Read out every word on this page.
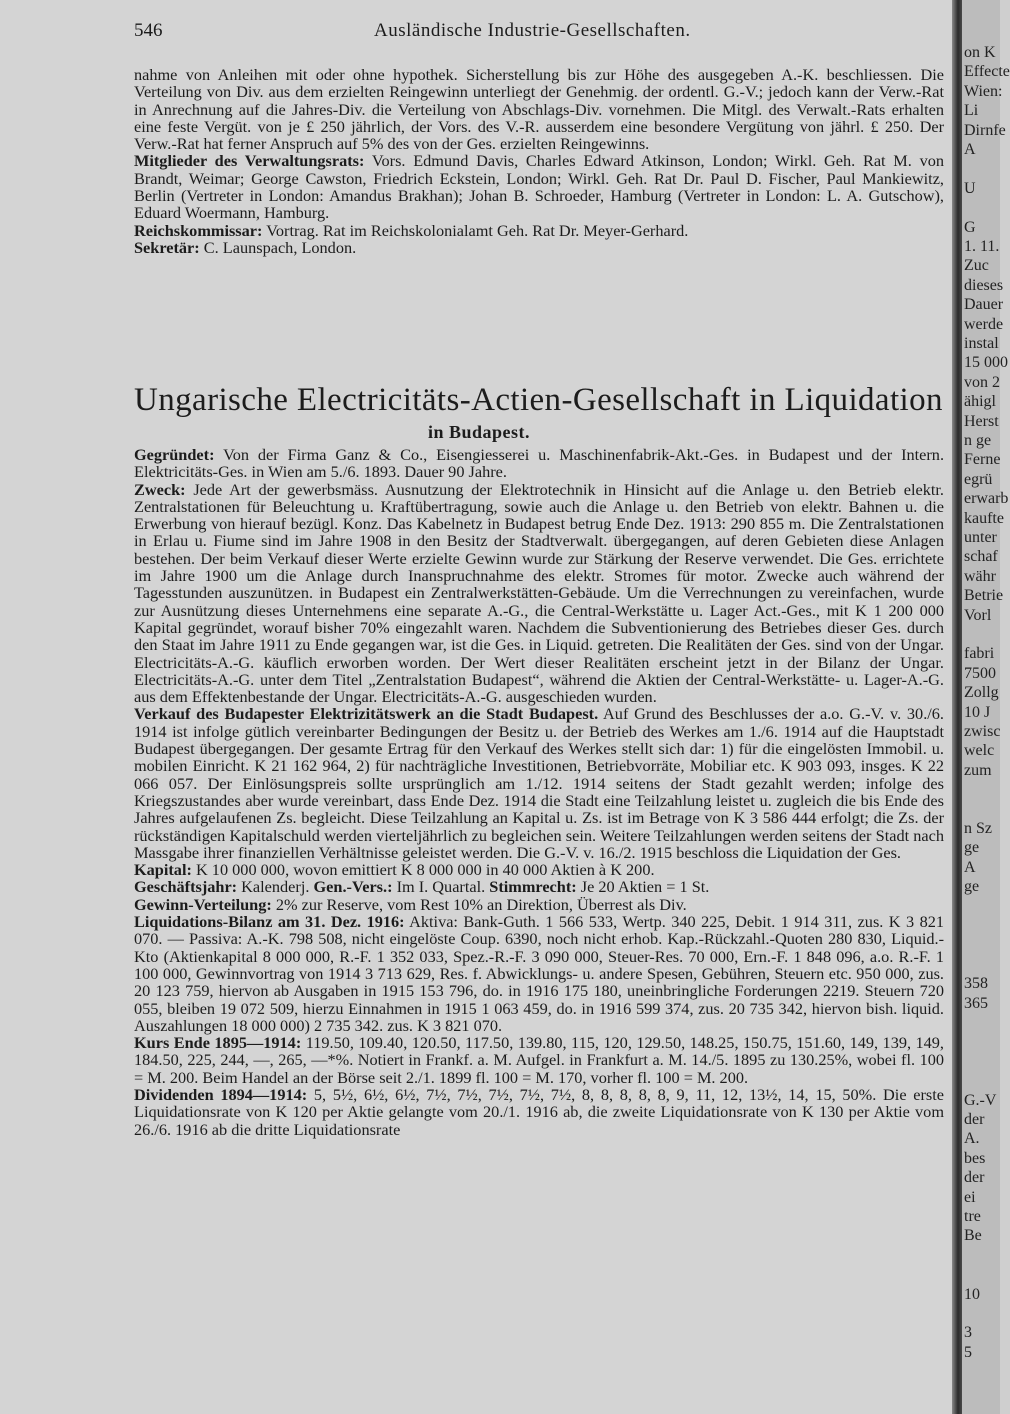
546	Ausländische Industrie-Gesellschaften.

nahme von Anleihen mit oder ohne hypothek. Sicherstellung bis zur Höhe des ausgegeben A.-K. beschliessen. Die Verteilung von Div. aus dem erzielten Reingewinn unterliegt der Genehmig. der ordentl. G.-V.; jedoch kann der Verw.-Rat in Anrechnung auf die Jahres-Div. die Verteilung von Abschlags-Div. vornehmen. Die Mitgl. des Verwalt.-Rats erhalten eine feste Vergüt. von je £ 250 jährlich, der Vors. des V.-R. ausserdem eine besondere Vergütung von jährl. £ 250. Der Verw.-Rat hat ferner Anspruch auf 5% des von der Ges. erzielten Reingewinns.

Mitglieder des Verwaltungsrats: Vors. Edmund Davis, Charles Edward Atkinson, London; Wirkl. Geh. Rat M. von Brandt, Weimar; George Cawston, Friedrich Eckstein, London; Wirkl. Geh. Rat Dr. Paul D. Fischer, Paul Mankiewitz, Berlin (Vertreter in London: Amandus Brakhan); Johan B. Schroeder, Hamburg (Vertreter in London: L. A. Gutschow), Eduard Woermann, Hamburg.

Reichskommissar: Vortrag. Rat im Reichskolonialamt Geh. Rat Dr. Meyer-Gerhard.

Sekretär: C. Launspach, London.

Ungarische Electricitäts-Actien-Gesellschaft in Liquidation
in Budapest.

Gegründet: Von der Firma Ganz & Co., Eisengiesserei u. Maschinenfabrik-Akt.-Ges. in Budapest und der Intern. Elektricitäts-Ges. in Wien am 5./6. 1893. Dauer 90 Jahre.

Zweck: Jede Art der gewerbsmäss. Ausnutzung der Elektrotechnik in Hinsicht auf die Anlage u. den Betrieb elektr. Zentralstationen für Beleuchtung u. Kraftübertragung, sowie auch die Anlage u. den Betrieb von elektr. Bahnen u. die Erwerbung von hierauf bezügl. Konz. Das Kabelnetz in Budapest betrug Ende Dez. 1913: 290 855 m. Die Zentralstationen in Erlau u. Fiume sind im Jahre 1908 in den Besitz der Stadtverwalt. übergegangen, auf deren Gebieten diese Anlagen bestehen. Der beim Verkauf dieser Werte erzielte Gewinn wurde zur Stärkung der Reserve verwendet. Die Ges. errichtete im Jahre 1900 um die Anlage durch Inanspruchnahme des elektr. Stromes für motor. Zwecke auch während der Tagesstunden auszunützen. in Budapest ein Zentralwerkstätten-Gebäude. Um die Verrechnungen zu vereinfachen, wurde zur Ausnützung dieses Unternehmens eine separate A.-G., die Central-Werkstätte u. Lager Act.-Ges., mit K 1 200 000 Kapital gegründet, worauf bisher 70% eingezahlt waren. Nachdem die Subventionierung des Betriebes dieser Ges. durch den Staat im Jahre 1911 zu Ende gegangen war, ist die Ges. in Liquid. getreten. Die Realitäten der Ges. sind von der Ungar. Electricitäts-A.-G. käuflich erworben worden. Der Wert dieser Realitäten erscheint jetzt in der Bilanz der Ungar. Electricitäts-A.-G. unter dem Titel „Zentralstation Budapest“, während die Aktien der Central-Werkstätte- u. Lager-A.-G. aus dem Effektenbestande der Ungar. Electricitäts-A.-G. ausgeschieden wurden.

Verkauf des Budapester Elektrizitätswerk an die Stadt Budapest. Auf Grund des Beschlusses der a.o. G.-V. v. 30./6. 1914 ist infolge gütlich vereinbarter Bedingungen der Besitz u. der Betrieb des Werkes am 1./6. 1914 auf die Hauptstadt Budapest übergegangen. Der gesamte Ertrag für den Verkauf des Werkes stellt sich dar: 1) für die eingelösten Immobil. u. mobilen Einricht. K 21 162 964, 2) für nachträgliche Investitionen, Betriebvorräte, Mobiliar etc. K 903 093, insges. K 22 066 057. Der Einlösungspreis sollte ursprünglich am 1./12. 1914 seitens der Stadt gezahlt werden; infolge des Kriegszustandes aber wurde vereinbart, dass Ende Dez. 1914 die Stadt eine Teilzahlung leistet u. zugleich die bis Ende des Jahres aufgelaufenen Zs. begleicht. Diese Teilzahlung an Kapital u. Zs. ist im Betrage von K 3 586 444 erfolgt; die Zs. der rückständigen Kapitalschuld werden vierteljährlich zu begleichen sein. Weitere Teilzahlungen werden seitens der Stadt nach Massgabe ihrer finanziellen Verhältnisse geleistet werden. Die G.-V. v. 16./2. 1915 beschloss die Liquidation der Ges.

Kapital: K 10 000 000, wovon emittiert K 8 000 000 in 40 000 Aktien à K 200.

Geschäftsjahr: Kalenderj. Gen.-Vers.: Im I. Quartal. Stimmrecht: Je 20 Aktien = 1 St.

Gewinn-Verteilung: 2% zur Reserve, vom Rest 10% an Direktion, Überrest als Div.

Liquidations-Bilanz am 31. Dez. 1916: Aktiva: Bank-Guth. 1 566 533, Wertp. 340 225, Debit. 1 914 311, zus. K 3 821 070. — Passiva: A.-K. 798 508, nicht eingelöste Coup. 6390, noch nicht erhob. Kap.-Rückzahl.-Quoten 280 830, Liquid.-Kto (Aktienkapital 8 000 000, R.-F. 1 352 033, Spez.-R.-F. 3 090 000, Steuer-Res. 70 000, Ern.-F. 1 848 096, a.o. R.-F. 1 100 000, Gewinnvortrag von 1914 3 713 629, Res. f. Abwicklungs- u. andere Spesen, Gebühren, Steuern etc. 950 000, zus. 20 123 759, hiervon ab Ausgaben in 1915 153 796, do. in 1916 175 180, uneinbringliche Forderungen 2219. Steuern 720 055, bleiben 19 072 509, hierzu Einnahmen in 1915 1 063 459, do. in 1916 599 374, zus. 20 735 342, hiervon bish. liquid. Auszahlungen 18 000 000) 2 735 342. zus. K 3 821 070.

Kurs Ende 1895—1914: 119.50, 109.40, 120.50, 117.50, 139.80, 115, 120, 129.50, 148.25, 150.75, 151.60, 149, 139, 149, 184.50, 225, 244, —, 265, —*%. Notiert in Frankf. a. M. Aufgel. in Frankfurt a. M. 14./5. 1895 zu 130.25%, wobei fl. 100 = M. 200. Beim Handel an der Börse seit 2./1. 1899 fl. 100 = M. 170, vorher fl. 100 = M. 200.

Dividenden 1894—1914: 5, 5½, 6½, 6½, 7½, 7½, 7½, 7½, 7½, 8, 8, 8, 8, 8, 9, 11, 12, 13½, 14, 15, 50%. Die erste Liquidationsrate von K 120 per Aktie gelangte vom 20./1. 1916 ab, die zweite Liquidationsrate von K 130 per Aktie vom 26./6. 1916 ab die dritte Liquidationsrate

on K
Effecte
Wien:
Li
Dirnfe
A
U
G
1. 11.
Zuc
dieses
Dauer
werde
instal
15 000
von 2
ähigl
Herst
n ge
Ferne
egrü
erwarb
kaufte
unter
schaf
währ
Betrie
Vorl
fabri
7500
Zollg
10 J
zwisc
welc
zum
n Sz
ge
A
ge
358
365
G.-V
der
A.
bes
der
ei
tre
Be
10
3
5
